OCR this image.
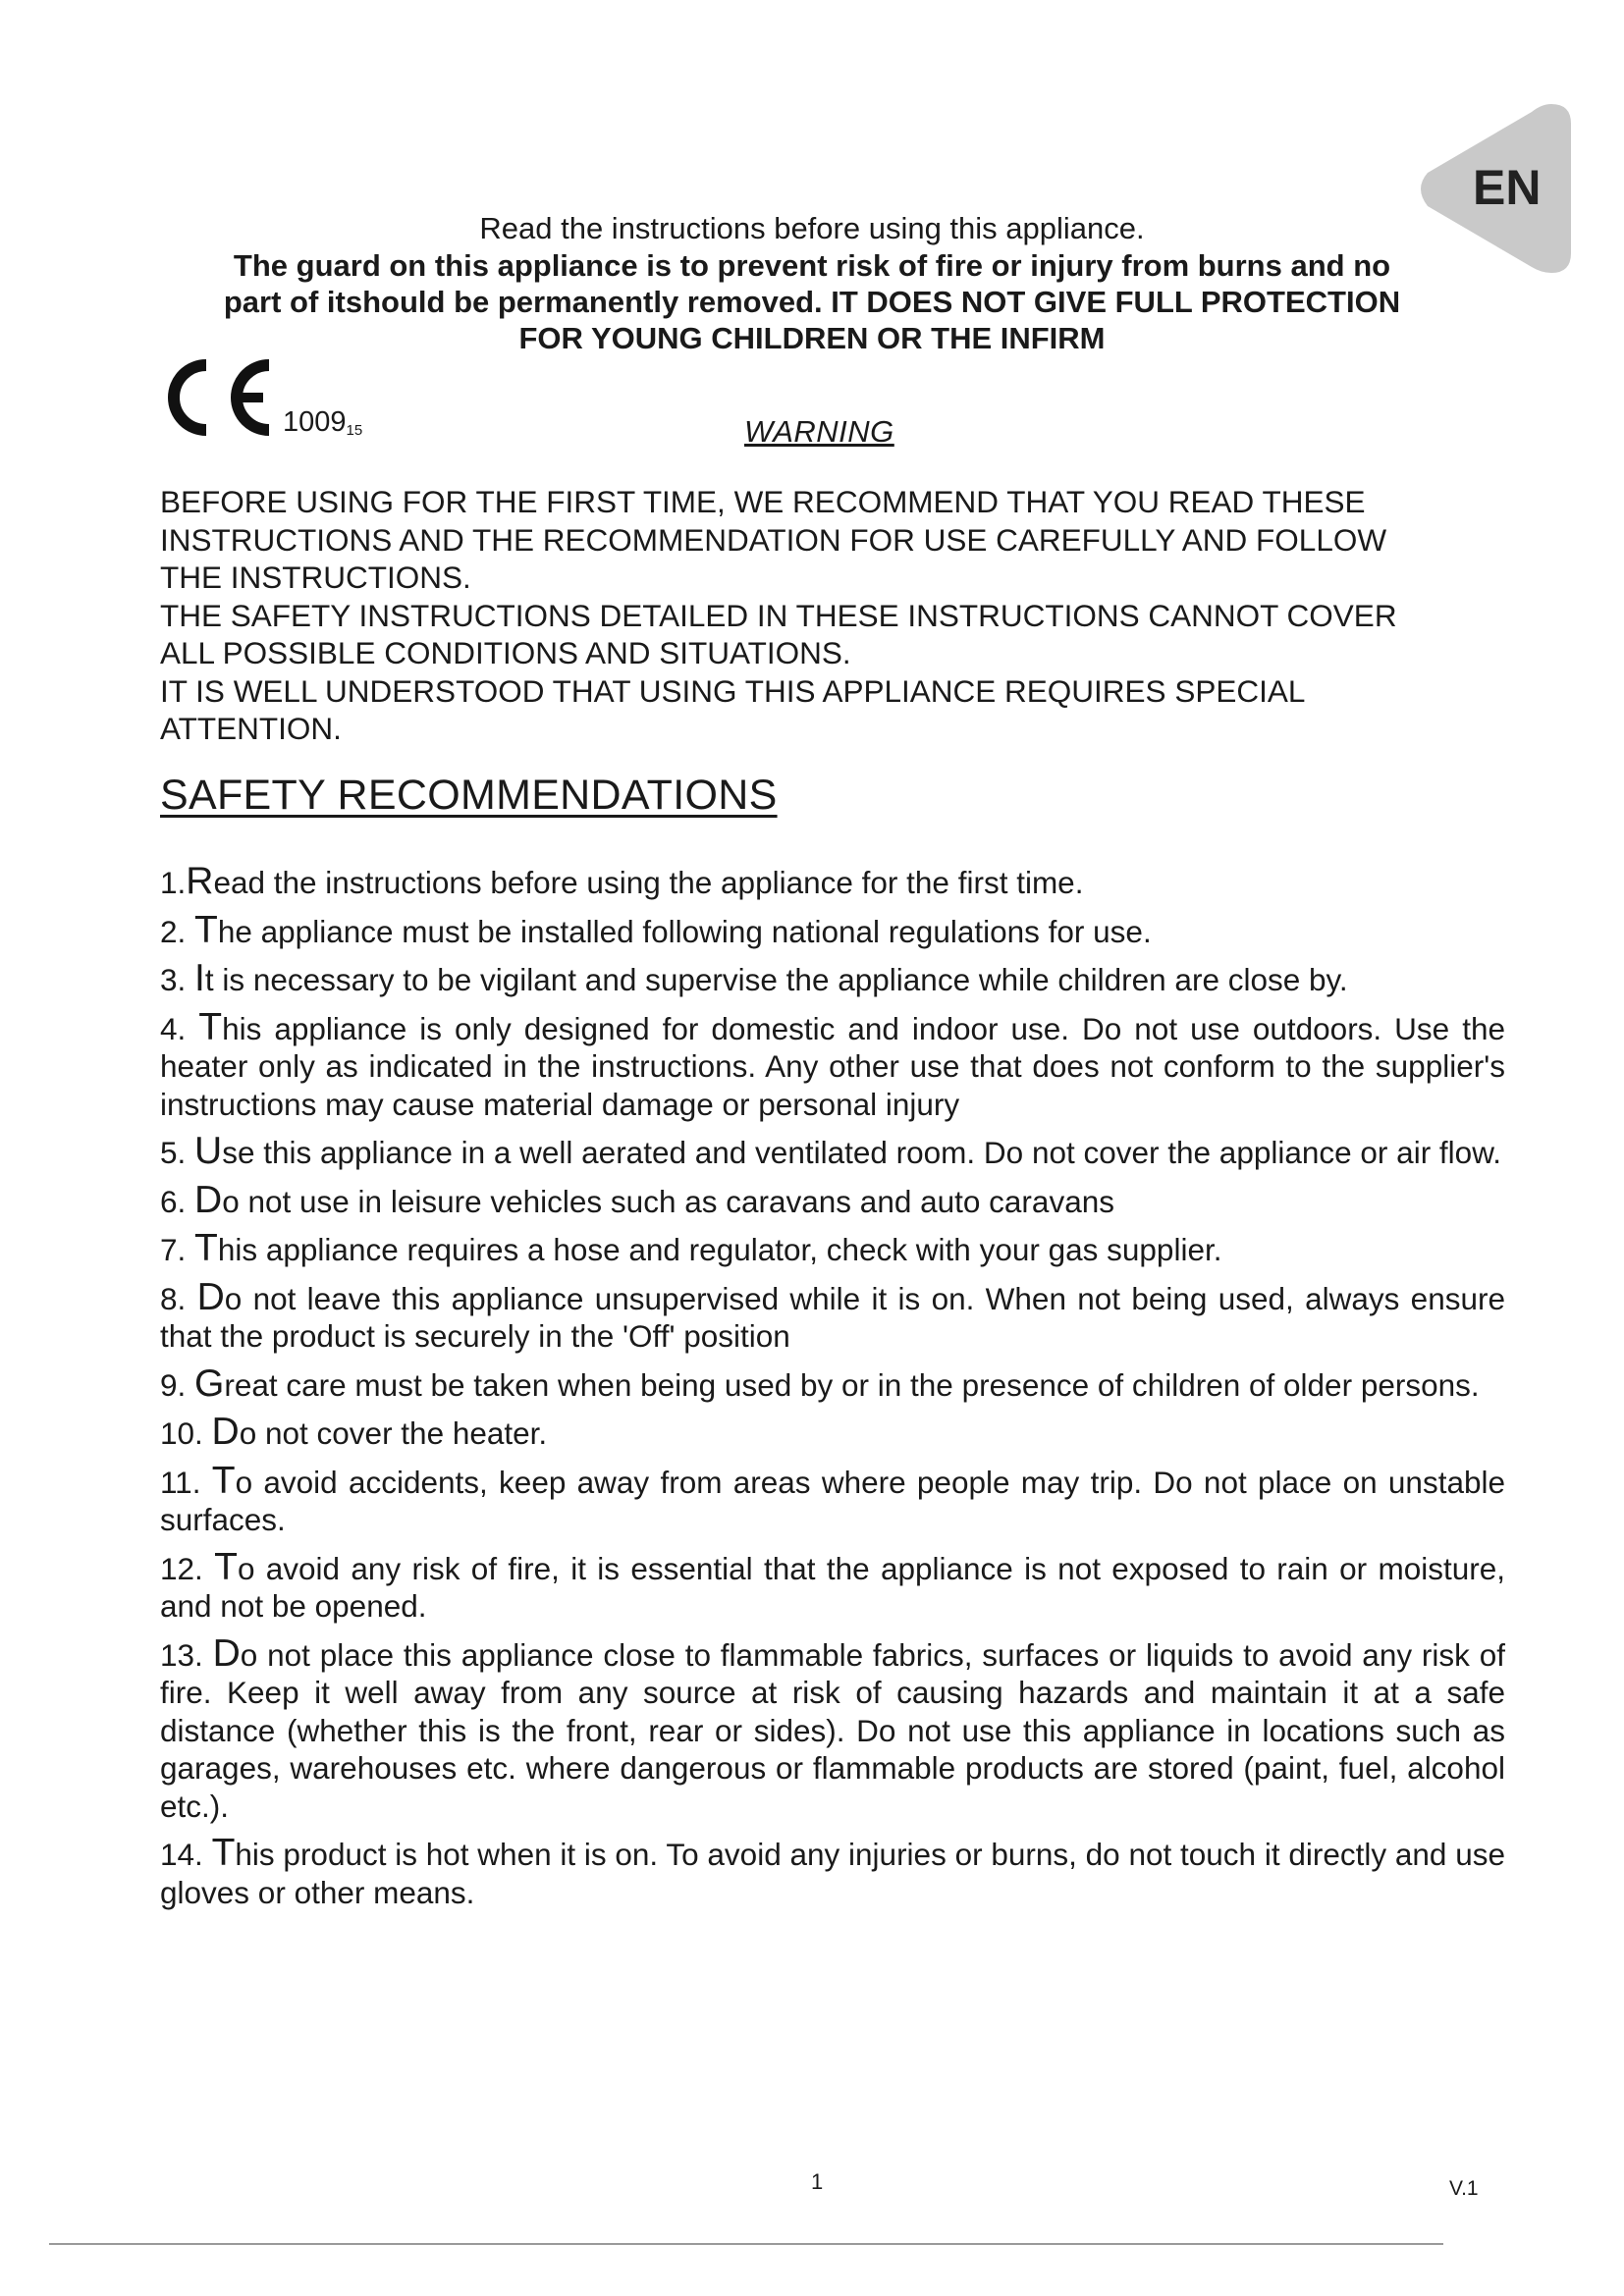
EN
Read the instructions before using this appliance.
The guard on this appliance is to prevent risk of fire or injury from burns and no
part of itshould be permanently removed. IT DOES NOT GIVE FULL PROTECTION
FOR YOUNG CHILDREN OR THE INFIRM
$1009_{15}$	WARNING
BEFORE USING FOR THE FIRST TIME, WE RECOMMEND THAT YOU READ THESE
INSTRUCTIONS AND THE RECOMMENDATION FOR USE CAREFULLY AND FOLLOW
THE INSTRUCTIONS.
THE SAFETY INSTRUCTIONS DETAILED IN THESE INSTRUCTIONS CANNOT COVER
ALL POSSIBLE CONDITIONS AND SITUATIONS.
IT IS WELL UNDERSTOOD THAT USING THIS APPLIANCE REQUIRES SPECIAL
ATTENTION.
SAFETY RECOMMENDATIONS
1.Read the instructions before using the appliance for the first time.
2. The appliance must be installed following national regulations for use.
3. It is necessary to be vigilant and supervise the appliance while children are close by.
4. This appliance is only designed for domestic and indoor use. Do not use outdoors. Use the heater only as indicated in the instructions. Any other use that does not conform to the supplier's instructions may cause material damage or personal injury
5. Use this appliance in a well aerated and ventilated room. Do not cover the appliance or air flow.
6. Do not use in leisure vehicles such as caravans and auto caravans
7. This appliance requires a hose and regulator, check with your gas supplier.
8. Do not leave this appliance unsupervised while it is on. When not being used, always ensure that the product is securely in the 'Off' position
9. Great care must be taken when being used by or in the presence of children of older persons.
10. Do not cover the heater.
11. To avoid accidents, keep away from areas where people may trip. Do not place on unstable surfaces.
12. To avoid any risk of fire, it is essential that the appliance is not exposed to rain or moisture, and not be opened.
13. Do not place this appliance close to flammable fabrics, surfaces or liquids to avoid any risk of fire. Keep it well away from any source at risk of causing hazards and maintain it at a safe distance (whether this is the front, rear or sides). Do not use this appliance in locations such as garages, warehouses etc. where dangerous or flammable products are stored (paint, fuel, alcohol etc.).
14. This product is hot when it is on. To avoid any injuries or burns, do not touch it directly and use gloves or other means.
1	V.1
